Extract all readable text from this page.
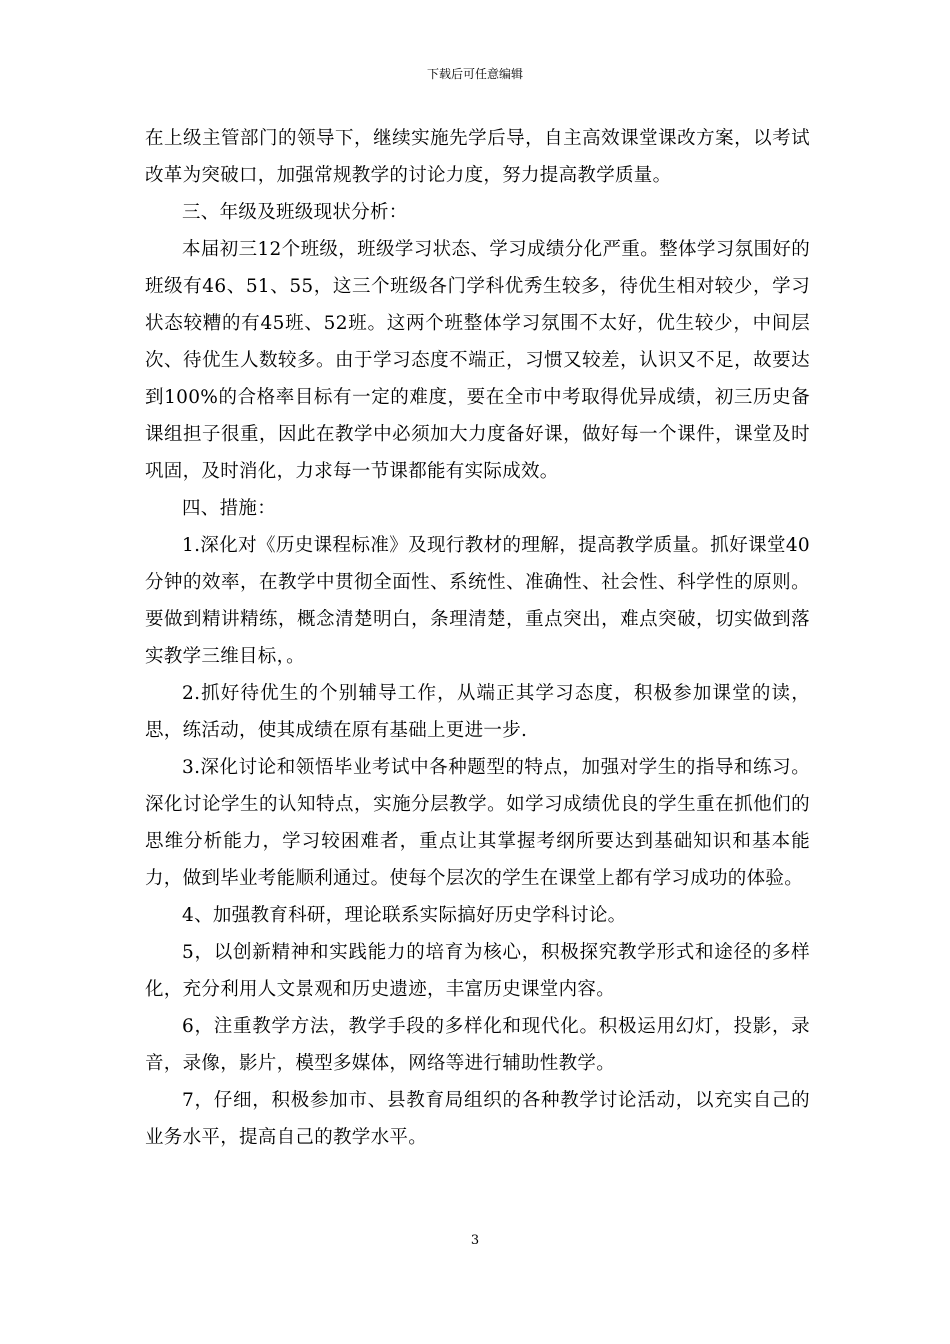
下载后可任意编辑

在上级主管部门的领导下，继续实施先学后导，自主高效课堂课改方案，以考试改革为突破口，加强常规教学的讨论力度，努力提高教学质量。

三、年级及班级现状分析：

本届初三12个班级，班级学习状态、学习成绩分化严重。整体学习氛围好的班级有46、51、55，这三个班级各门学科优秀生较多，待优生相对较少，学习状态较糟的有45班、52班。这两个班整体学习氛围不太好，优生较少，中间层次、待优生人数较多。由于学习态度不端正，习惯又较差，认识又不足，故要达到100%的合格率目标有一定的难度，要在全市中考取得优异成绩，初三历史备课组担子很重，因此在教学中必须加大力度备好课，做好每一个课件，课堂及时巩固，及时消化，力求每一节课都能有实际成效。

四、措施：

1.深化对《历史课程标准》及现行教材的理解，提高教学质量。抓好课堂40分钟的效率，在教学中贯彻全面性、系统性、准确性、社会性、科学性的原则。要做到精讲精练，概念清楚明白，条理清楚，重点突出，难点突破，切实做到落实教学三维目标，。

2.抓好待优生的个别辅导工作，从端正其学习态度，积极参加课堂的读，思，练活动，使其成绩在原有基础上更进一步.

3.深化讨论和领悟毕业考试中各种题型的特点，加强对学生的指导和练习。深化讨论学生的认知特点，实施分层教学。如学习成绩优良的学生重在抓他们的思维分析能力，学习较困难者，重点让其掌握考纲所要达到基础知识和基本能力，做到毕业考能顺利通过。使每个层次的学生在课堂上都有学习成功的体验。

4、加强教育科研，理论联系实际搞好历史学科讨论。

5，以创新精神和实践能力的培育为核心，积极探究教学形式和途径的多样化，充分利用人文景观和历史遗迹，丰富历史课堂内容。

6，注重教学方法，教学手段的多样化和现代化。积极运用幻灯，投影，录音，录像，影片，模型多媒体，网络等进行辅助性教学。

7，仔细，积极参加市、县教育局组织的各种教学讨论活动，以充实自己的业务水平，提高自己的教学水平。

3
